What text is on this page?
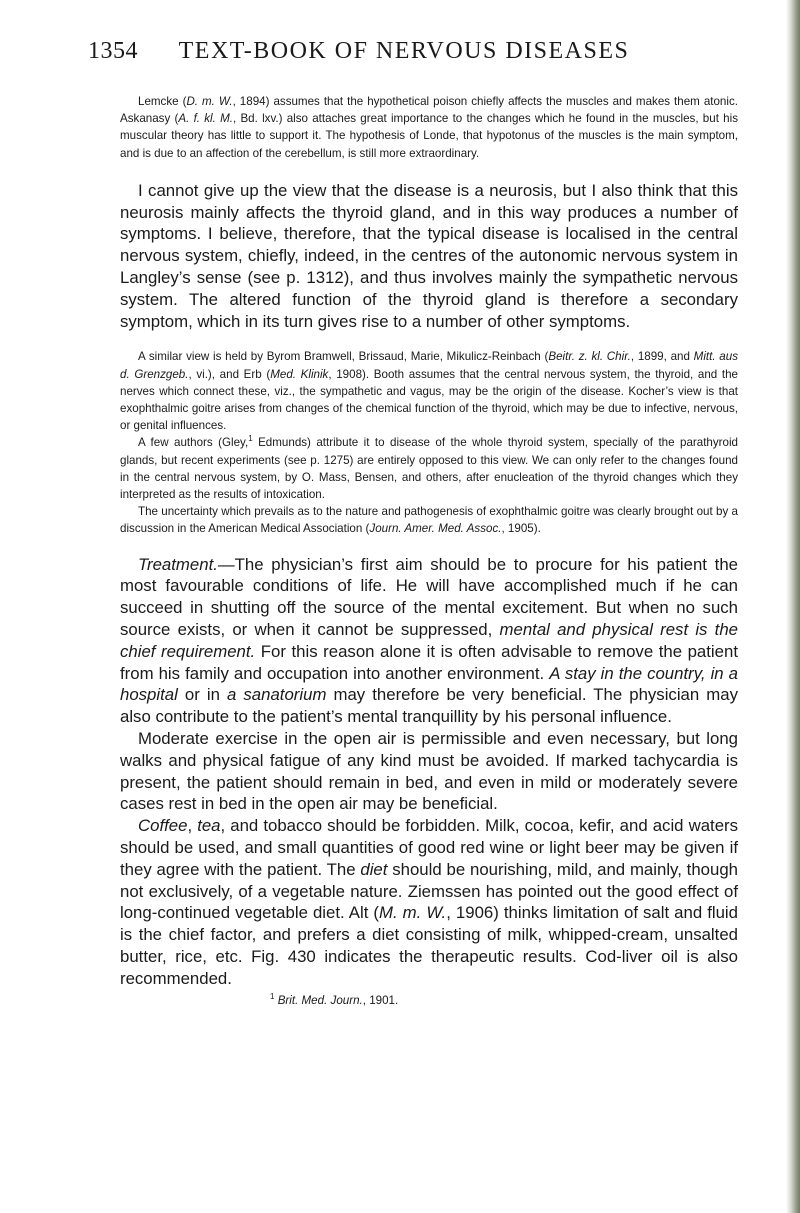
1354	TEXT-BOOK OF NERVOUS DISEASES

Lemcke (D. m. W., 1894) assumes that the hypothetical poison chiefly affects the muscles and makes them atonic. Askanasy (A. f. kl. M., Bd. lxv.) also attaches great importance to the changes which he found in the muscles, but his muscular theory has little to support it. The hypothesis of Londe, that hypotonus of the muscles is the main symptom, and is due to an affection of the cerebellum, is still more extraordinary.

I cannot give up the view that the disease is a neurosis, but I also think that this neurosis mainly affects the thyroid gland, and in this way produces a number of symptoms. I believe, therefore, that the typical disease is localised in the central nervous system, chiefly, indeed, in the centres of the autonomic nervous system in Langley’s sense (see p. 1312), and thus involves mainly the sympathetic nervous system. The altered function of the thyroid gland is therefore a secondary symptom, which in its turn gives rise to a number of other symptoms.

A similar view is held by Byrom Bramwell, Brissaud, Marie, Mikulicz-Reinbach (Beitr. z. kl. Chir., 1899, and Mitt. aus d. Grenzgeb., vi.), and Erb (Med. Klinik, 1908). Booth assumes that the central nervous system, the thyroid, and the nerves which connect these, viz., the sympathetic and vagus, may be the origin of the disease. Kocher’s view is that exophthalmic goitre arises from changes of the chemical function of the thyroid, which may be due to infective, nervous, or genital influences.

A few authors (Gley,$^1$ Edmunds) attribute it to disease of the whole thyroid system, specially of the parathyroid glands, but recent experiments (see p. 1275) are entirely opposed to this view. We can only refer to the changes found in the central nervous system, by O. Mass, Bensen, and others, after enucleation of the thyroid changes which they interpreted as the results of intoxication.

The uncertainty which prevails as to the nature and pathogenesis of exophthalmic goitre was clearly brought out by a discussion in the American Medical Association (Journ. Amer. Med. Assoc., 1905).

Treatment.—The physician’s first aim should be to procure for his patient the most favourable conditions of life. He will have accomplished much if he can succeed in shutting off the source of the mental excitement. But when no such source exists, or when it cannot be suppressed, mental and physical rest is the chief requirement. For this reason alone it is often advisable to remove the patient from his family and occupation into another environment. A stay in the country, in a hospital or in a sanatorium may therefore be very beneficial. The physician may also contribute to the patient’s mental tranquillity by his personal influence.

Moderate exercise in the open air is permissible and even necessary, but long walks and physical fatigue of any kind must be avoided. If marked tachycardia is present, the patient should remain in bed, and even in mild or moderately severe cases rest in bed in the open air may be beneficial.

Coffee, tea, and tobacco should be forbidden. Milk, cocoa, kefir, and acid waters should be used, and small quantities of good red wine or light beer may be given if they agree with the patient. The diet should be nourishing, mild, and mainly, though not exclusively, of a vegetable nature. Ziemssen has pointed out the good effect of long-continued vegetable diet. Alt (M. m. W., 1906) thinks limitation of salt and fluid is the chief factor, and prefers a diet consisting of milk, whipped-cream, unsalted butter, rice, etc. Fig. 430 indicates the therapeutic results. Cod-liver oil is also recommended.

$^1$ Brit. Med. Journ., 1901.
